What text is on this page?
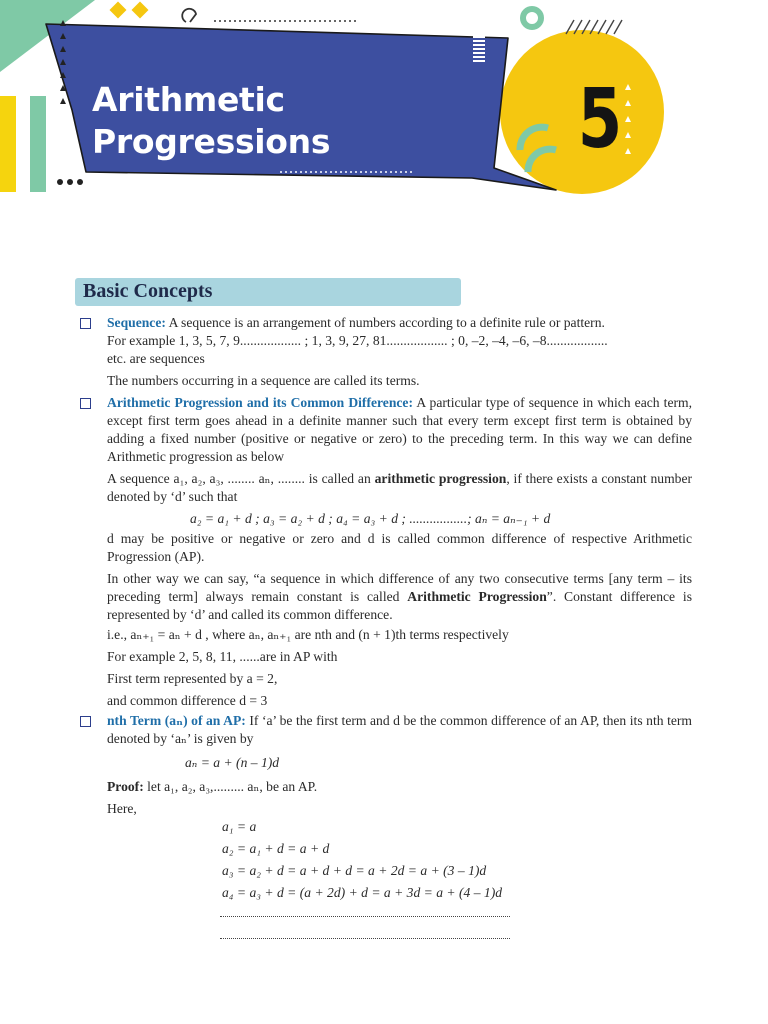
Arithmetic
Progressions	5
Basic Concepts
Sequence: A sequence is an arrangement of numbers according to a definite rule or pattern.
For example 1, 3, 5, 7, 9.................. ; 1, 3, 9, 27, 81.................. ; 0, –2, –4, –6, –8..................
etc. are sequences
The numbers occurring in a sequence are called its terms.
Arithmetic Progression and its Common Difference: A particular type of sequence in which each term, except first term goes ahead in a definite manner such that every term except first term is obtained by adding a fixed number (positive or negative or zero) to the preceding term. In this way we can define Arithmetic progression as below
A sequence a₁, a₂, a₃, ........ aₙ, ........ is called an arithmetic progression, if there exists a constant number denoted by ‘d’ such that
a₂ = a₁ + d ; a₃ = a₂ + d ; a₄ = a₃ + d ; .................; aₙ = aₙ₋₁ + d
d may be positive or negative or zero and d is called common difference of respective Arithmetic Progression (AP).
In other way we can say, “a sequence in which difference of any two consecutive terms [any term – its preceding term] always remain constant is called Arithmetic Progression”. Constant difference is represented by ‘d’ and called its common difference.
i.e., aₙ₊₁ = aₙ + d , where aₙ, aₙ₊₁ are nth and (n + 1)th terms respectively
For example 2, 5, 8, 11, ......are in AP with
First term represented by a = 2,
and common difference d = 3
nth Term (aₙ) of an AP: If ‘a’ be the first term and d be the common difference of an AP, then its nth term denoted by ‘aₙ’ is given by
aₙ = a + (n – 1)d
Proof: let a₁, a₂, a₃,......... aₙ, be an AP.
Here,
a₁ = a
a₂ = a₁ + d = a + d
a₃ = a₂ + d = a + d + d = a + 2d = a + (3 – 1)d
a₄ = a₃ + d = (a + 2d) + d = a + 3d = a + (4 – 1)d
